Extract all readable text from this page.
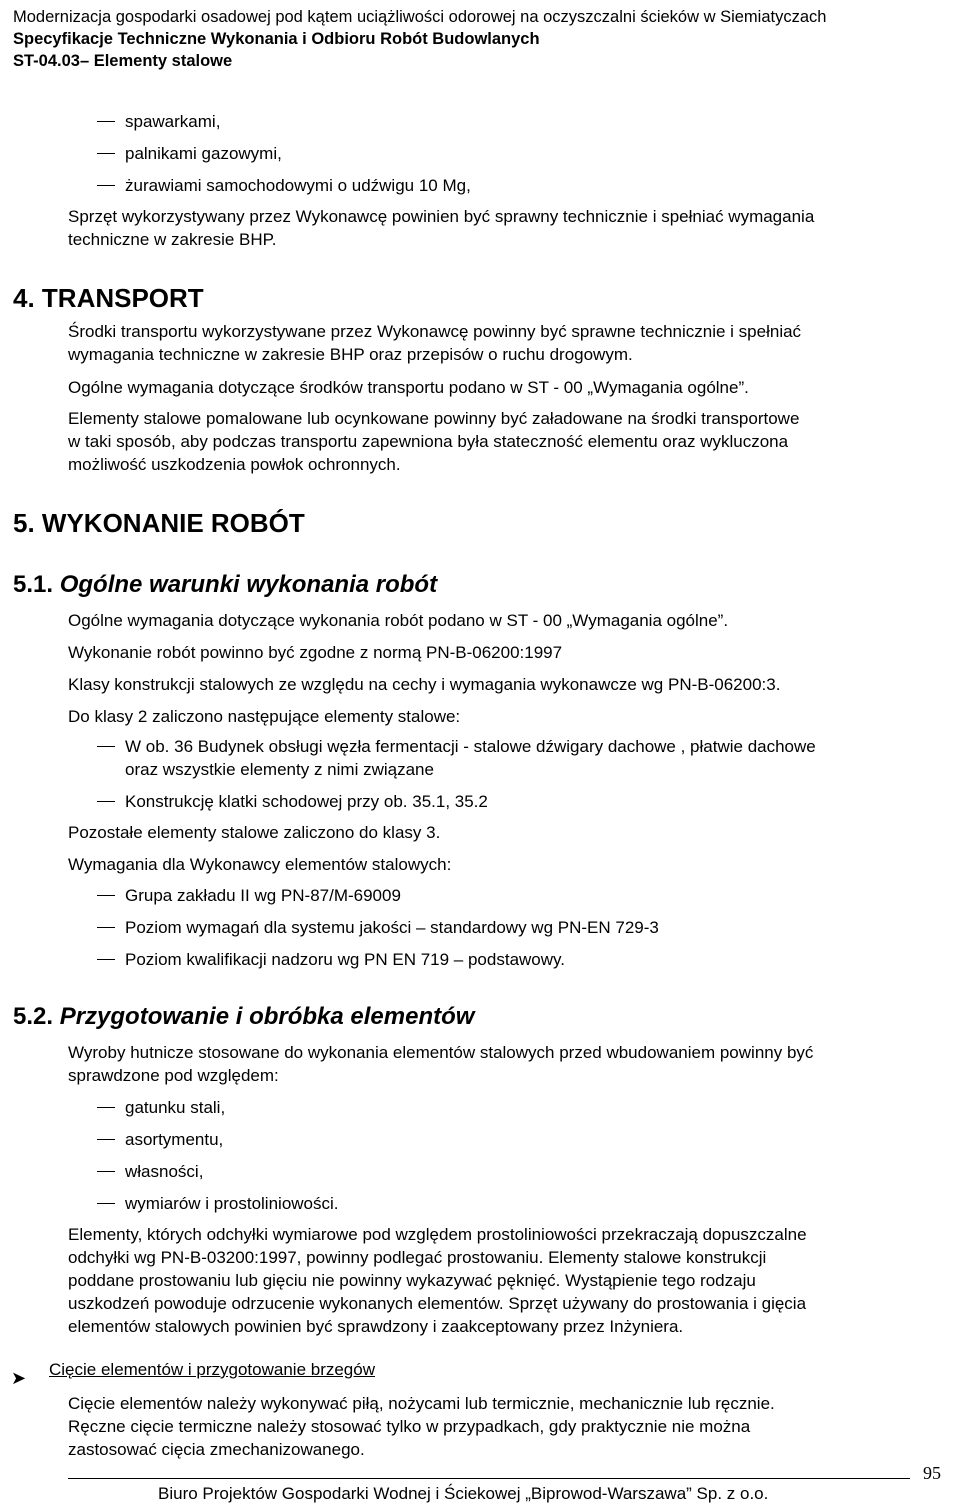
Modernizacja gospodarki osadowej pod kątem uciążliwości odorowej na oczyszczalni ścieków w Siemiatyczach
Specyfikacje Techniczne Wykonania i Odbioru Robót Budowlanych
ST-04.03– Elementy stalowe
spawarkami,
palnikami gazowymi,
żurawiami samochodowymi o udźwigu 10 Mg,
Sprzęt wykorzystywany przez Wykonawcę powinien być sprawny technicznie i spełniać wymagania
techniczne w zakresie BHP.
4. TRANSPORT
Środki transportu wykorzystywane przez Wykonawcę powinny być sprawne technicznie i spełniać
wymagania techniczne w zakresie BHP oraz przepisów o ruchu drogowym.
Ogólne wymagania dotyczące środków transportu podano w ST - 00 „Wymagania ogólne”.
Elementy stalowe pomalowane lub ocynkowane powinny być załadowane na środki transportowe
w taki sposób, aby podczas transportu zapewniona była stateczność elementu oraz wykluczona
możliwość uszkodzenia powłok ochronnych.
5. WYKONANIE ROBÓT
5.1. Ogólne warunki wykonania robót
Ogólne wymagania dotyczące wykonania robót podano w ST - 00 „Wymagania ogólne”.
Wykonanie robót powinno być zgodne z normą PN-B-06200:1997
Klasy konstrukcji stalowych ze względu na cechy i wymagania wykonawcze wg PN-B-06200:3.
Do klasy 2 zaliczono następujące elementy stalowe:
W ob. 36 Budynek obsługi węzła fermentacji - stalowe dźwigary dachowe , płatwie dachowe
oraz wszystkie elementy z nimi związane
Konstrukcję klatki schodowej przy ob. 35.1, 35.2
Pozostałe elementy stalowe zaliczono do klasy 3.
Wymagania dla Wykonawcy elementów stalowych:
Grupa zakładu II wg PN-87/M-69009
Poziom wymagań dla systemu jakości – standardowy wg PN-EN 729-3
Poziom kwalifikacji nadzoru wg PN EN 719 – podstawowy.
5.2. Przygotowanie i obróbka elementów
Wyroby hutnicze stosowane do wykonania elementów stalowych przed wbudowaniem powinny być
sprawdzone pod względem:
gatunku stali,
asortymentu,
własności,
wymiarów i prostoliniowości.
Elementy, których odchyłki wymiarowe pod względem prostoliniowości przekraczają dopuszczalne
odchyłki wg PN-B-03200:1997, powinny podlegać prostowaniu. Elementy stalowe konstrukcji
poddane prostowaniu lub gięciu nie powinny wykazywać pęknięć. Wystąpienie tego rodzaju
uszkodzeń powoduje odrzucenie wykonanych elementów. Sprzęt używany do prostowania i gięcia
elementów stalowych powinien być sprawdzony i zaakceptowany przez Inżyniera.
➤ Cięcie elementów i przygotowanie brzegów
Cięcie elementów należy wykonywać piłą, nożycami lub termicznie, mechanicznie lub ręcznie.
Ręczne cięcie termiczne należy stosować tylko w przypadkach, gdy praktycznie nie można
zastosować cięcia zmechanizowanego.
95
Biuro Projektów Gospodarki Wodnej i Ściekowej „Biprowod-Warszawa” Sp. z o.o.
